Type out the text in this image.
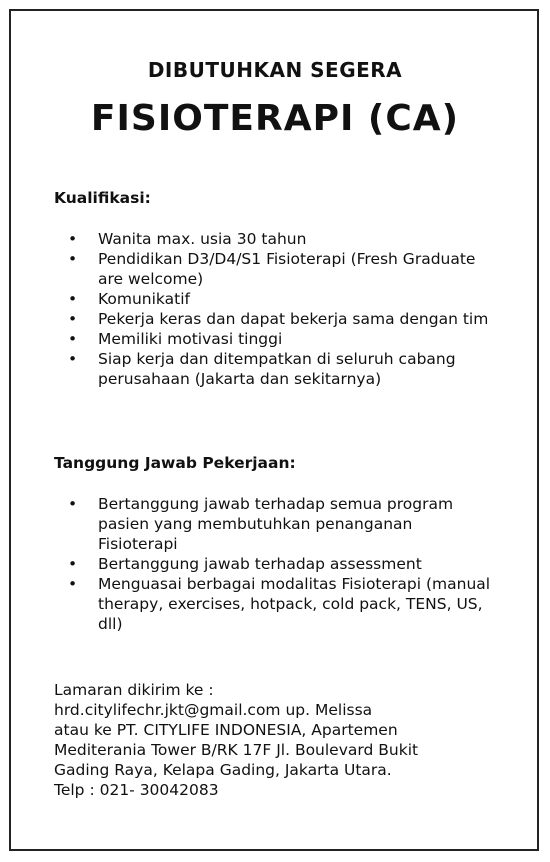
DIBUTUHKAN SEGERA
FISIOTERAPI (CA)
Kualifikasi:
• Wanita max. usia 30 tahun
• Pendidikan D3/D4/S1 Fisioterapi (Fresh Graduate are welcome)
• Komunikatif
• Pekerja keras dan dapat bekerja sama dengan tim
• Memiliki motivasi tinggi
• Siap kerja dan ditempatkan di seluruh cabang perusahaan (Jakarta dan sekitarnya)
Tanggung Jawab Pekerjaan:
• Bertanggung jawab terhadap semua program pasien yang membutuhkan penanganan Fisioterapi
• Bertanggung jawab terhadap assessment
• Menguasai berbagai modalitas Fisioterapi (manual therapy, exercises, hotpack, cold pack, TENS, US, dll)
Lamaran dikirim ke :
hrd.citylifechr.jkt@gmail.com up. Melissa
atau ke PT. CITYLIFE INDONESIA, Apartemen
Mediterania Tower B/RK 17F Jl. Boulevard Bukit
Gading Raya, Kelapa Gading, Jakarta Utara.
Telp : 021- 30042083
